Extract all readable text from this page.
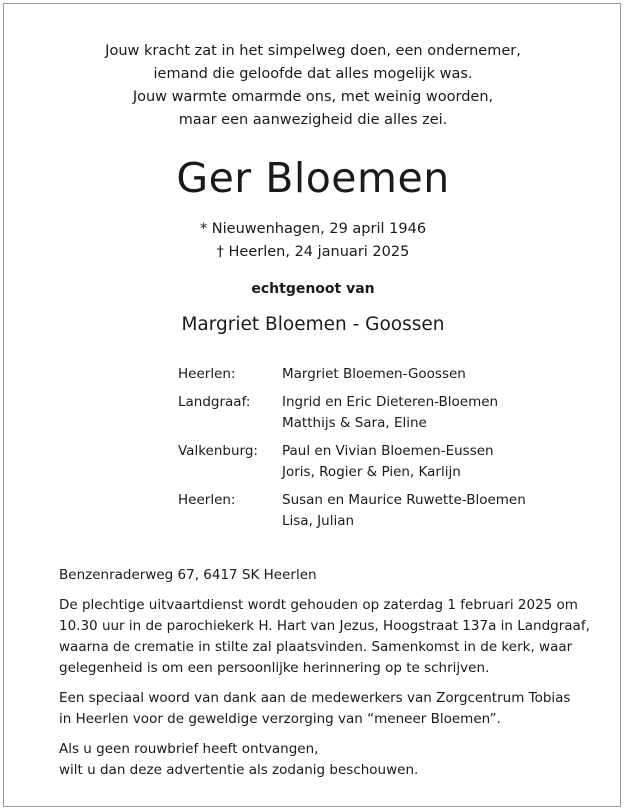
Jouw kracht zat in het simpelweg doen, een ondernemer,
iemand die geloofde dat alles mogelijk was.
Jouw warmte omarmde ons, met weinig woorden,
maar een aanwezigheid die alles zei.
Ger Bloemen
* Nieuwenhagen, 29 april 1946
† Heerlen, 24 januari 2025
echtgenoot van
Margriet Bloemen - Goossen
Heerlen:	Margriet Bloemen-Goossen
Landgraaf:	Ingrid en Eric Dieteren-Bloemen
Matthijs & Sara, Eline
Valkenburg:	Paul en Vivian Bloemen-Eussen
Joris, Rogier & Pien, Karlijn
Heerlen:	Susan en Maurice Ruwette-Bloemen
Lisa, Julian

Benzenraderweg 67, 6417 SK Heerlen

De plechtige uitvaartdienst wordt gehouden op zaterdag 1 februari 2025 om
10.30 uur in de parochiekerk H. Hart van Jezus, Hoogstraat 137a in Landgraaf,
waarna de crematie in stilte zal plaatsvinden. Samenkomst in de kerk, waar
gelegenheid is om een persoonlijke herinnering op te schrijven.

Een speciaal woord van dank aan de medewerkers van Zorgcentrum Tobias
in Heerlen voor de geweldige verzorging van “meneer Bloemen”.

Als u geen rouwbrief heeft ontvangen,
wilt u dan deze advertentie als zodanig beschouwen.
